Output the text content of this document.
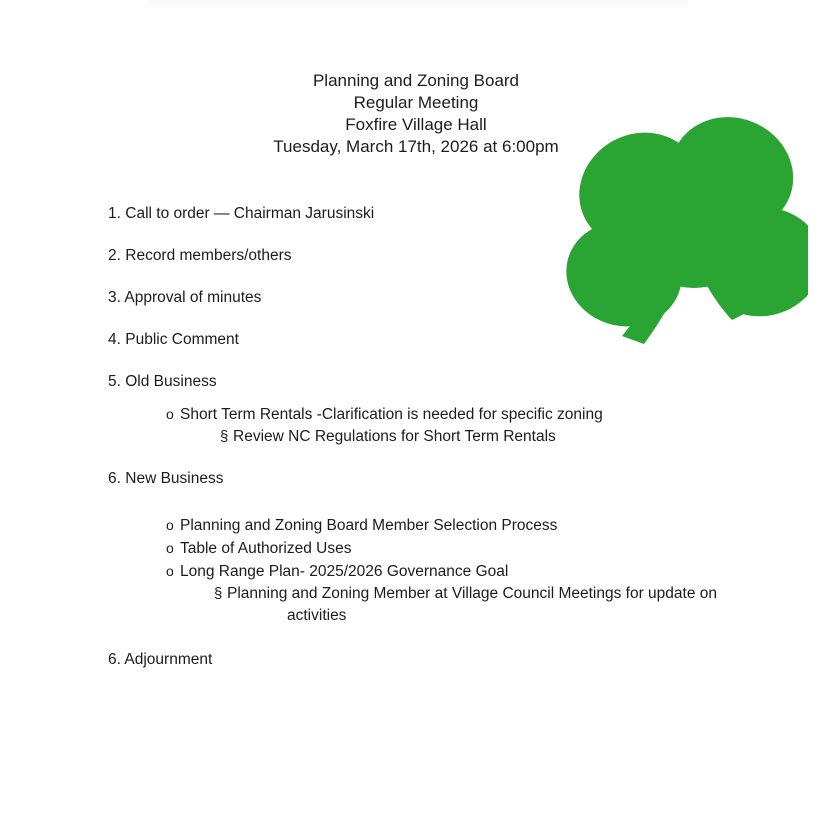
Planning and Zoning Board
Regular Meeting
Foxfire Village Hall
Tuesday, March 17th, 2026 at 6:00pm
1. Call to order — Chairman Jarusinski
2. Record members/others
3. Approval of minutes
4. Public Comment
5. Old Business
o Short Term Rentals -Clarification is needed for specific zoning
§ Review NC Regulations for Short Term Rentals
6. New Business
o Planning and Zoning Board Member Selection Process
o Table of Authorized Uses
o Long Range Plan- 2025/2026 Governance Goal
§ Planning and Zoning Member at Village Council Meetings for update on
activities
6. Adjournment
